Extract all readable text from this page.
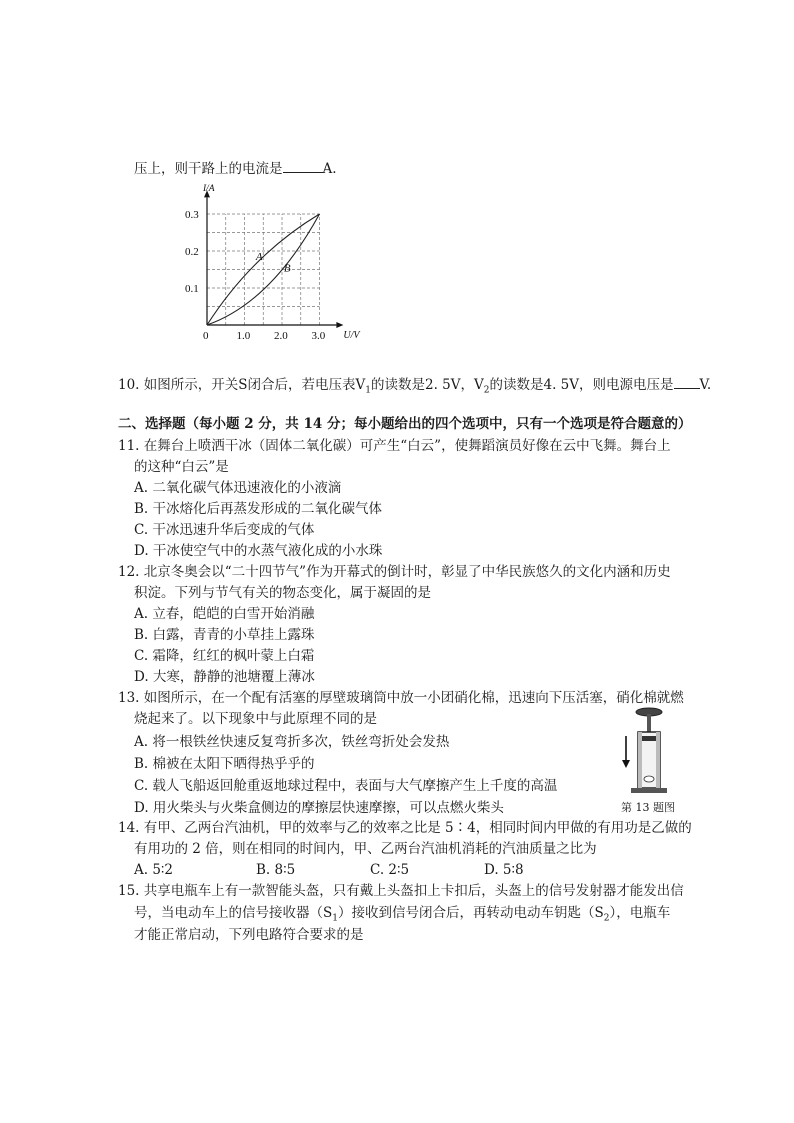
压上，则干路上的电流是	A.
0.1
0.2
0.3
1.0 2.0 3.0
0
I/A
U/V
A
B
10. 如图所示，开关S闭合后，若电压表$V_1$的读数是2. 5V，$V_2$的读数是4. 5V，则电源电压是 V.
二、选择题（每小题 2 分，共 14 分；每小题给出的四个选项中，只有一个选项是符合题意的）
11. 在舞台上喷洒干冰（固体二氧化碳）可产生“白云”，使舞蹈演员好像在云中飞舞。舞台上
的这种“白云”是
A. 二氧化碳气体迅速液化的小液滴
B. 干冰熔化后再蒸发形成的二氧化碳气体
C. 干冰迅速升华后变成的气体
D. 干冰使空气中的水蒸气液化成的小水珠
12. 北京冬奥会以“二十四节气”作为开幕式的倒计时，彰显了中华民族悠久的文化内涵和历史
积淀。下列与节气有关的物态变化，属于凝固的是
A. 立春，皑皑的白雪开始消融
B. 白露，青青的小草挂上露珠
C. 霜降，红红的枫叶蒙上白霜
D. 大寒，静静的池塘覆上薄冰
13. 如图所示，在一个配有活塞的厚壁玻璃筒中放一小团硝化棉，迅速向下压活塞，硝化棉就燃
烧起来了。以下现象中与此原理不同的是
A. 将一根铁丝快速反复弯折多次，铁丝弯折处会发热
B. 棉被在太阳下晒得热乎乎的
C. 载人飞船返回舱重返地球过程中，表面与大气摩擦产生上千度的高温
D. 用火柴头与火柴盒侧边的摩擦层快速摩擦，可以点燃火柴头	第 13 题图
14. 有甲、乙两台汽油机，甲的效率与乙的效率之比是 5∶4，相同时间内甲做的有用功是乙做的
有用功的 2 倍，则在相同的时间内，甲、乙两台汽油机消耗的汽油质量之比为
A. 5∶2	B. 8∶5	C. 2∶5	D. 5∶8
15. 共享电瓶车上有一款智能头盔，只有戴上头盔扣上卡扣后，头盔上的信号发射器才能发出信
号，当电动车上的信号接收器$(S_1)$接收到信号闭合后，再转动电动车钥匙$(S_2)$，电瓶车
才能正常启动，下列电路符合要求的是
